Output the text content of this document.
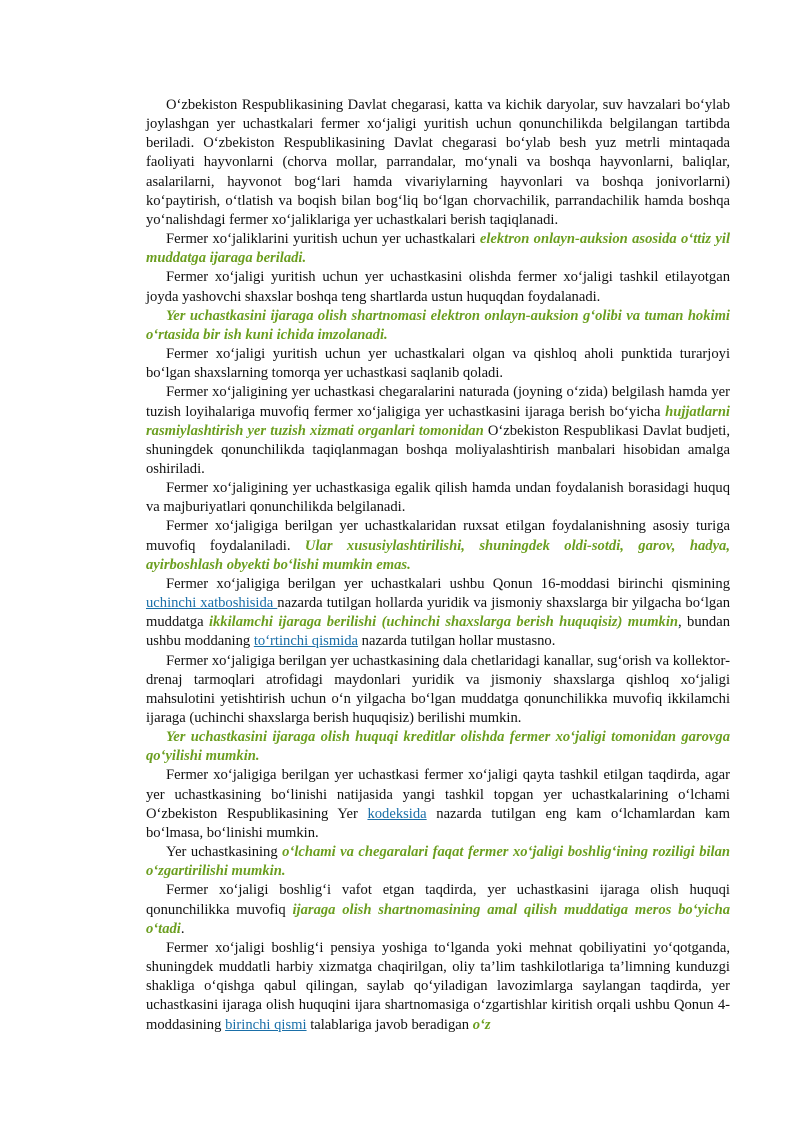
O‘zbekiston Respublikasining Davlat chegarasi, katta va kichik daryolar, suv havzalari bo‘ylab joylashgan yer uchastkalari fermer xo‘jaligi yuritish uchun qonunchilikda belgilangan tartibda beriladi. O‘zbekiston Respublikasining Davlat chegarasi bo‘ylab besh yuz metrli mintaqada faoliyati hayvonlarni (chorva mollar, parrandalar, mo‘ynali va boshqa hayvonlarni, baliqlar, asalarilarni, hayvonot bog‘lari hamda vivariylarning hayvonlari va boshqa jonivorlarni) ko‘paytirish, o‘tlatish va boqish bilan bog‘liq bo‘lgan chorvachilik, parrandachilik hamda boshqa yo‘nalishdagi fermer xo‘jaliklariga yer uchastkalari berish taqiqlanadi.

Fermer xo‘jaliklarini yuritish uchun yer uchastkalari elektron onlayn-auksion asosida o‘ttiz yil muddatga ijaraga beriladi.

Fermer xo‘jaligi yuritish uchun yer uchastkasini olishda fermer xo‘jaligi tashkil etilayotgan joyda yashovchi shaxslar boshqa teng shartlarda ustun huquqdan foydalanadi.

Yer uchastkasini ijaraga olish shartnomasi elektron onlayn-auksion g‘olibi va tuman hokimi o‘rtasida bir ish kuni ichida imzolanadi.

Fermer xo‘jaligi yuritish uchun yer uchastkalari olgan va qishloq aholi punktida turarjoyi bo‘lgan shaxslarning tomorqa yer uchastkasi saqlanib qoladi.

Fermer xo‘jaligining yer uchastkasi chegaralarini naturada (joyning o‘zida) belgilash hamda yer tuzish loyihalariga muvofiq fermer xo‘jaligiga yer uchastkasini ijaraga berish bo‘yicha hujjatlarni rasmiylashtirish yer tuzish xizmati organlari tomonidan O‘zbekiston Respublikasi Davlat budjeti, shuningdek qonunchilikda taqiqlanmagan boshqa moliyalashtirish manbalari hisobidan amalga oshiriladi.

Fermer xo‘jaligining yer uchastkasiga egalik qilish hamda undan foydalanish borasidagi huquq va majburiyatlari qonunchilikda belgilanadi.

Fermer xo‘jaligiga berilgan yer uchastkalaridan ruxsat etilgan foydalanishning asosiy turiga muvofiq foydalaniladi. Ular xususiylashtirilishi, shuningdek oldi-sotdi, garov, hadya, ayirboshlash obyekti bo‘lishi mumkin emas.

Fermer xo‘jaligiga berilgan yer uchastkalari ushbu Qonun 16-moddasi birinchi qismining uchinchi xatboshisida nazarda tutilgan hollarda yuridik va jismoniy shaxslarga bir yilgacha bo‘lgan muddatga ikkilamchi ijaraga berilishi (uchinchi shaxslarga berish huquqisiz) mumkin, bundan ushbu moddaning to‘rtinchi qismida nazarda tutilgan hollar mustasno.

Fermer xo‘jaligiga berilgan yer uchastkasining dala chetlaridagi kanallar, sug‘orish va kollektor-drenaj tarmoqlari atrofidagi maydonlari yuridik va jismoniy shaxslarga qishloq xo‘jaligi mahsulotini yetishtirish uchun o‘n yilgacha bo‘lgan muddatga qonunchilikka muvofiq ikkilamchi ijaraga (uchinchi shaxslarga berish huquqisiz) berilishi mumkin.

Yer uchastkasini ijaraga olish huquqi kreditlar olishda fermer xo‘jaligi tomonidan garovga qo‘yilishi mumkin.

Fermer xo‘jaligiga berilgan yer uchastkasi fermer xo‘jaligi qayta tashkil etilgan taqdirda, agar yer uchastkasining bo‘linishi natijasida yangi tashkil topgan yer uchastkalarining o‘lchami O‘zbekiston Respublikasining Yer kodeksida nazarda tutilgan eng kam o‘lchamlardan kam bo‘lmasa, bo‘linishi mumkin.

Yer uchastkasining o‘lchami va chegaralari faqat fermer xo‘jaligi boshlig‘ining roziligi bilan o‘zgartirilishi mumkin.

Fermer xo‘jaligi boshlig‘i vafot etgan taqdirda, yer uchastkasini ijaraga olish huquqi qonunchilikka muvofiq ijaraga olish shartnomasining amal qilish muddatiga meros bo‘yicha o‘tadi.

Fermer xo‘jaligi boshlig‘i pensiya yoshiga to‘lganda yoki mehnat qobiliyatini yo‘qotganda, shuningdek muddatli harbiy xizmatga chaqirilgan, oliy ta’lim tashkilotlariga ta’limning kunduzgi shakliga o‘qishga qabul qilingan, saylab qo‘yiladigan lavozimlarga saylangan taqdirda, yer uchastkasini ijaraga olish huquqini ijara shartnomasiga o‘zgartishlar kiritish orqali ushbu Qonun 4-moddasining birinchi qismi talablariga javob beradigan o‘z
